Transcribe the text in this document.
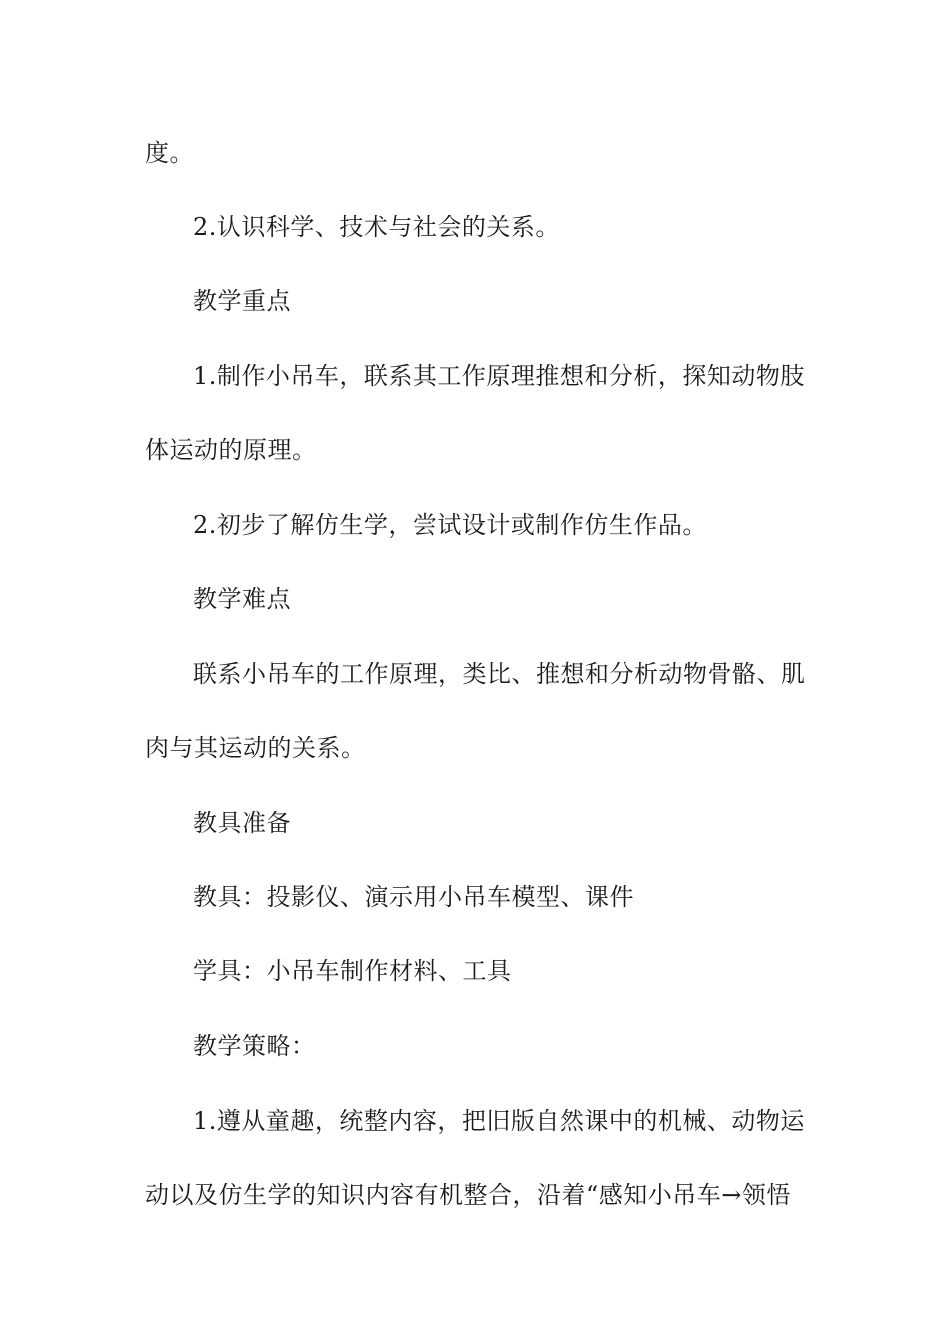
度。
2.认识科学、技术与社会的关系。
教学重点
1.制作小吊车，联系其工作原理推想和分析，探知动物肢
体运动的原理。
2.初步了解仿生学，尝试设计或制作仿生作品。
教学难点
联系小吊车的工作原理，类比、推想和分析动物骨骼、肌
肉与其运动的关系。
教具准备
教具：投影仪、演示用小吊车模型、课件
学具：小吊车制作材料、工具
教学策略：
1.遵从童趣，统整内容，把旧版自然课中的机械、动物运
动以及仿生学的知识内容有机整合，沿着“感知小吊车→领悟
